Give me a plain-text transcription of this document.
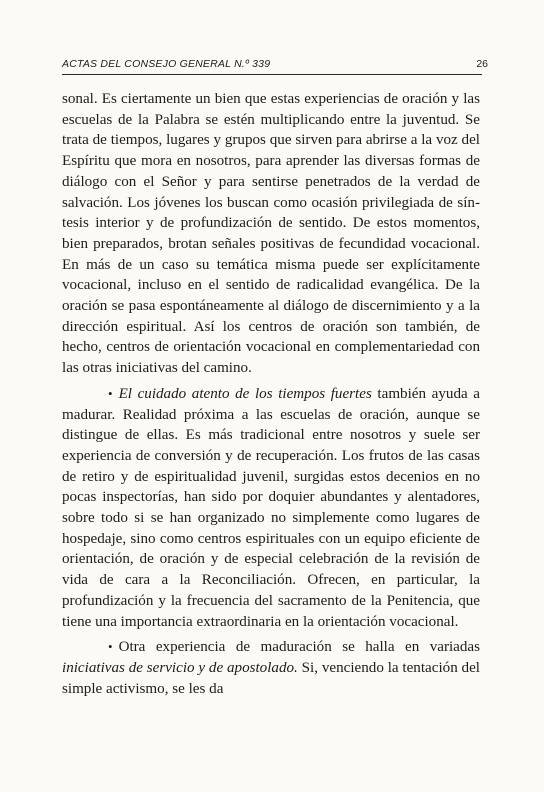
ACTAS DEL CONSEJO GENERAL N.º 339	26

sonal. Es ciertamente un bien que estas experiencias de oración y las escuelas de la Palabra se estén multiplicando entre la juventud. Se trata de tiempos, lugares y grupos que sirven para abrirse a la voz del Espíritu que mora en nosotros, para aprender las diversas formas de diálogo con el Señor y para sentirse penetrados de la verdad de salvación. Los jóvenes los buscan como ocasión privilegiada de síntesis interior y de profundización de sentido. De estos momentos, bien preparados, brotan señales positivas de fecundidad vocacional. En más de un caso su temática misma puede ser explícitamente vocacional, incluso en el sentido de radicalidad evangélica. De la oración se pasa espontáneamente al diálogo de discernimiento y a la dirección espiritual. Así los centros de oración son también, de hecho, centros de orientación vocacional en complementariedad con las otras iniciativas del camino.

• El cuidado atento de los tiempos fuertes también ayuda a madurar. Realidad próxima a las escuelas de oración, aunque se distingue de ellas. Es más tradicional entre nosotros y suele ser experiencia de conversión y de recuperación. Los frutos de las casas de retiro y de espiritualidad juvenil, surgidas estos decenios en no pocas inspectorías, han sido por doquier abundantes y alentadores, sobre todo si se han organizado no simplemente como lugares de hospedaje, sino como centros espirituales con un equipo eficiente de orientación, de oración y de especial celebración de la revisión de vida de cara a la Reconciliación. Ofrecen, en particular, la profundización y la frecuencia del sacramento de la Penitencia, que tiene una importancia extraordinaria en la orientación vocacional.

• Otra experiencia de maduración se halla en variadas iniciativas de servicio y de apostolado. Si, venciendo la tentación del simple activismo, se les da
